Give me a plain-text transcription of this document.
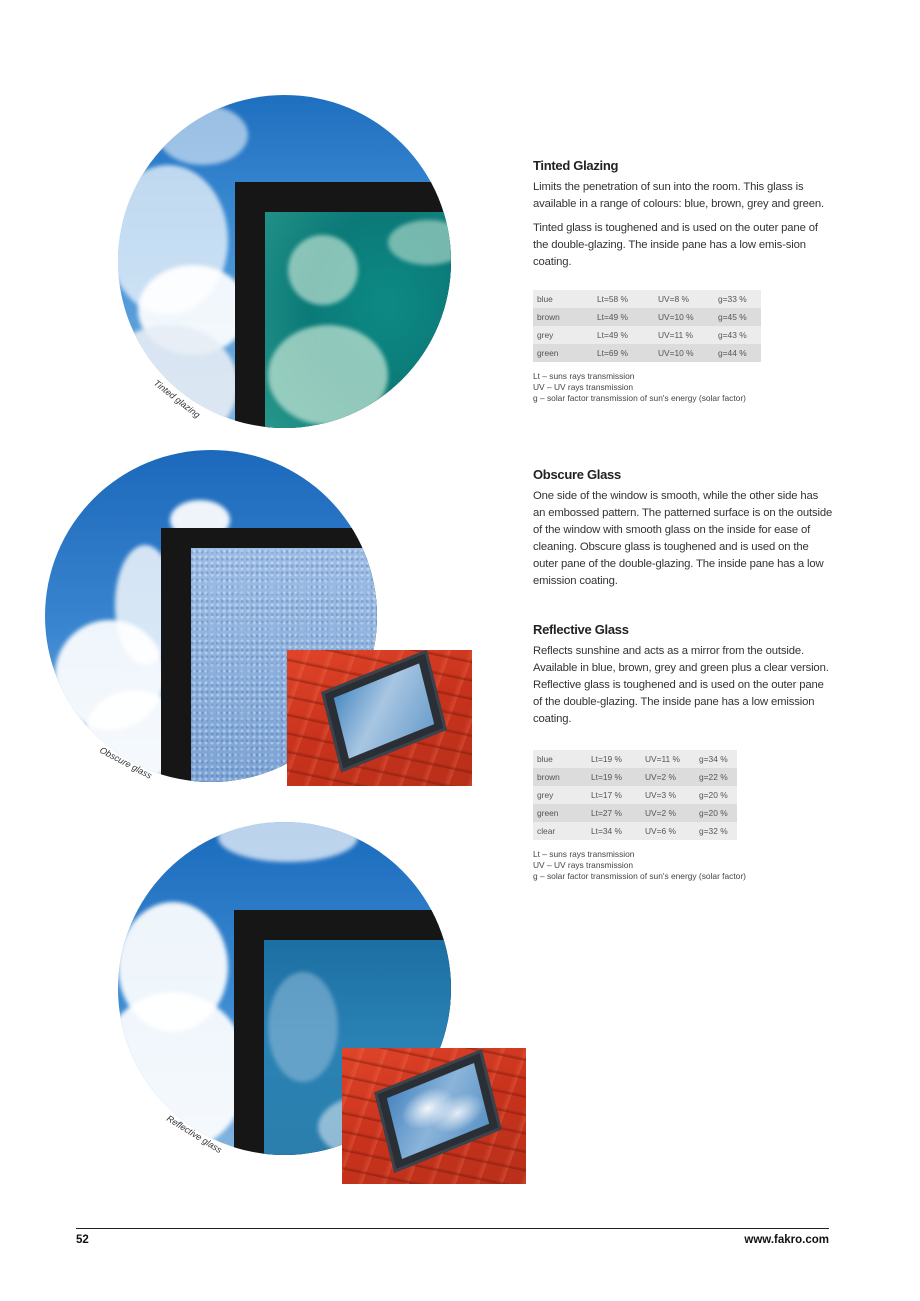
Tinted glazing
Obscure glass
Reflective glass
Tinted Glazing

Limits the penetration of sun into the room. This glass is available in a range of colours: blue, brown, grey and green.

Tinted glass is toughened and is used on the outer pane of the double-glazing. The inside pane has a low emis-sion coating.

blue	Lt=58 %	UV=8 %	g=33 %
brown	Lt=49 %	UV=10 %	g=45 %
grey	Lt=49 %	UV=11 %	g=43 %
green	Lt=69 %	UV=10 %	g=44 %
Lt – suns rays transmission
UV – UV rays transmission
g – solar factor transmission of sun's energy (solar factor)
Obscure Glass

One side of the window is smooth, while the other side has an embossed pattern. The patterned surface is on the outside of the window with smooth glass on the inside for ease of cleaning. Obscure glass is toughened and is used on the outer pane of the double-glazing. The inside pane has a low emission coating.

Reflective Glass

Reflects sunshine and acts as a mirror from the outside. Available in blue, brown, grey and green plus a clear version. Reflective glass is toughened and is used on the outer pane of the double-glazing. The inside pane has a low emission coating.

blue	Lt=19 %	UV=11 %	g=34 %
brown	Lt=19 %	UV=2 %	g=22 %
grey	Lt=17 %	UV=3 %	g=20 %
green	Lt=27 %	UV=2 %	g=20 %
clear	Lt=34 %	UV=6 %	g=32 %
Lt – suns rays transmission
UV – UV rays transmission
g – solar factor transmission of sun's energy (solar factor)
52	www.fakro.com
